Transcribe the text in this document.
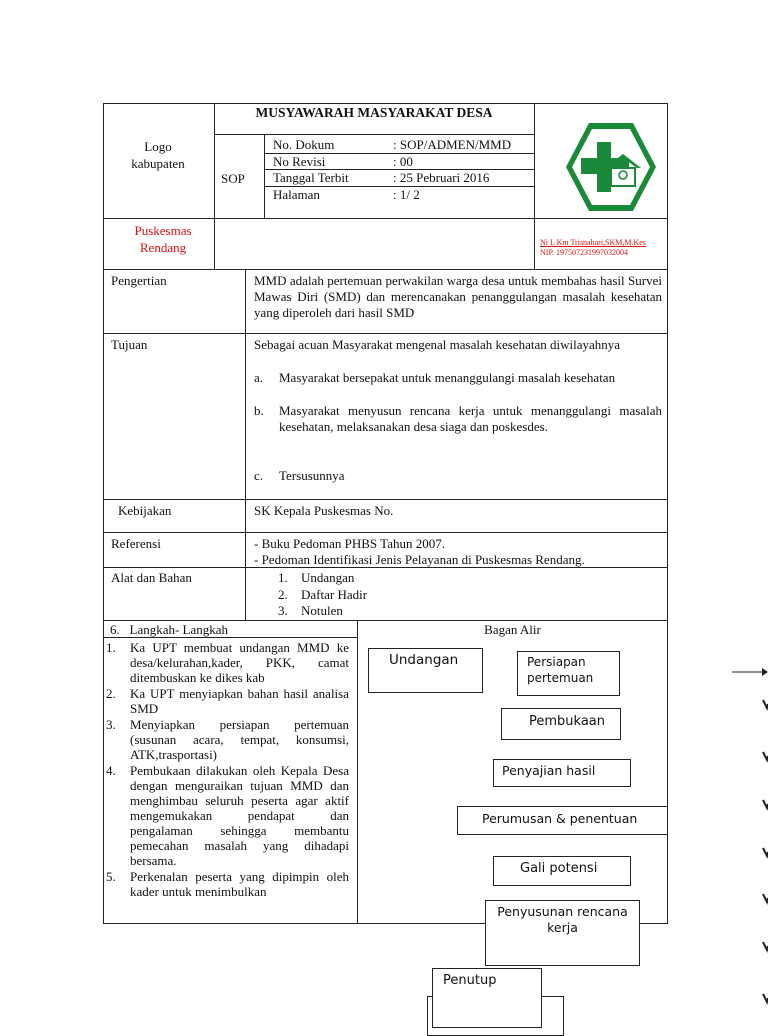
Logo kabupaten
MUSYAWARAH MASYARAKAT DESA
SOP
No. Dokum	: SOP/ADMEN/MMD
No Revisi	: 00
Tanggal Terbit	: 25 Pebruari 2016
Halaman	: 1/ 2
Puskesmas Rendang	Ni L Km Trisnahari,SKM,M.Kes
NIP. 197507231997032004
Pengertian	MMD adalah pertemuan perwakilan warga desa untuk membahas hasil Survei Mawas Diri (SMD) dan merencanakan penanggulangan masalah kesehatan yang diperoleh dari hasil SMD
Tujuan	Sebagai acuan Masyarakat mengenal masalah kesehatan diwilayahnya
a. Masyarakat bersepakat untuk menanggulangi masalah kesehatan
b. Masyarakat menyusun rencana kerja untuk menanggulangi masalah kesehatan, melaksanakan desa siaga dan poskesdes.
c. Tersusunnya
Kebijakan	SK Kepala Puskesmas No.
Referensi	- Buku Pedoman PHBS Tahun 2007.
- Pedoman Identifikasi Jenis Pelayanan di Puskesmas Rendang.
Alat dan Bahan	1. Undangan
2. Daftar Hadir
3. Notulen
6.   Langkah- Langkah	Bagan Alir
1. Ka UPT membuat undangan MMD ke desa/kelurahan,kader, PKK, camat ditembuskan ke dikes kab
2. Ka UPT menyiapkan bahan hasil analisa SMD
3. Menyiapkan persiapan pertemuan (susunan acara, tempat, konsumsi, ATK,trasportasi)
4. Pembukaan dilakukan oleh Kepala Desa dengan menguraikan tujuan MMD dan menghimbau seluruh peserta agar aktif mengemukakan pendapat dan pengalaman sehingga membantu pemecahan masalah yang dihadapi bersama.
5. Perkenalan peserta yang dipimpin oleh kader untuk menimbulkan
Undangan	Persiapan pertemuan
Pembukaan
Penyajian hasil
Perumusan & penentuan
Gali potensi
Penyusunan rencana kerja
Penutup
